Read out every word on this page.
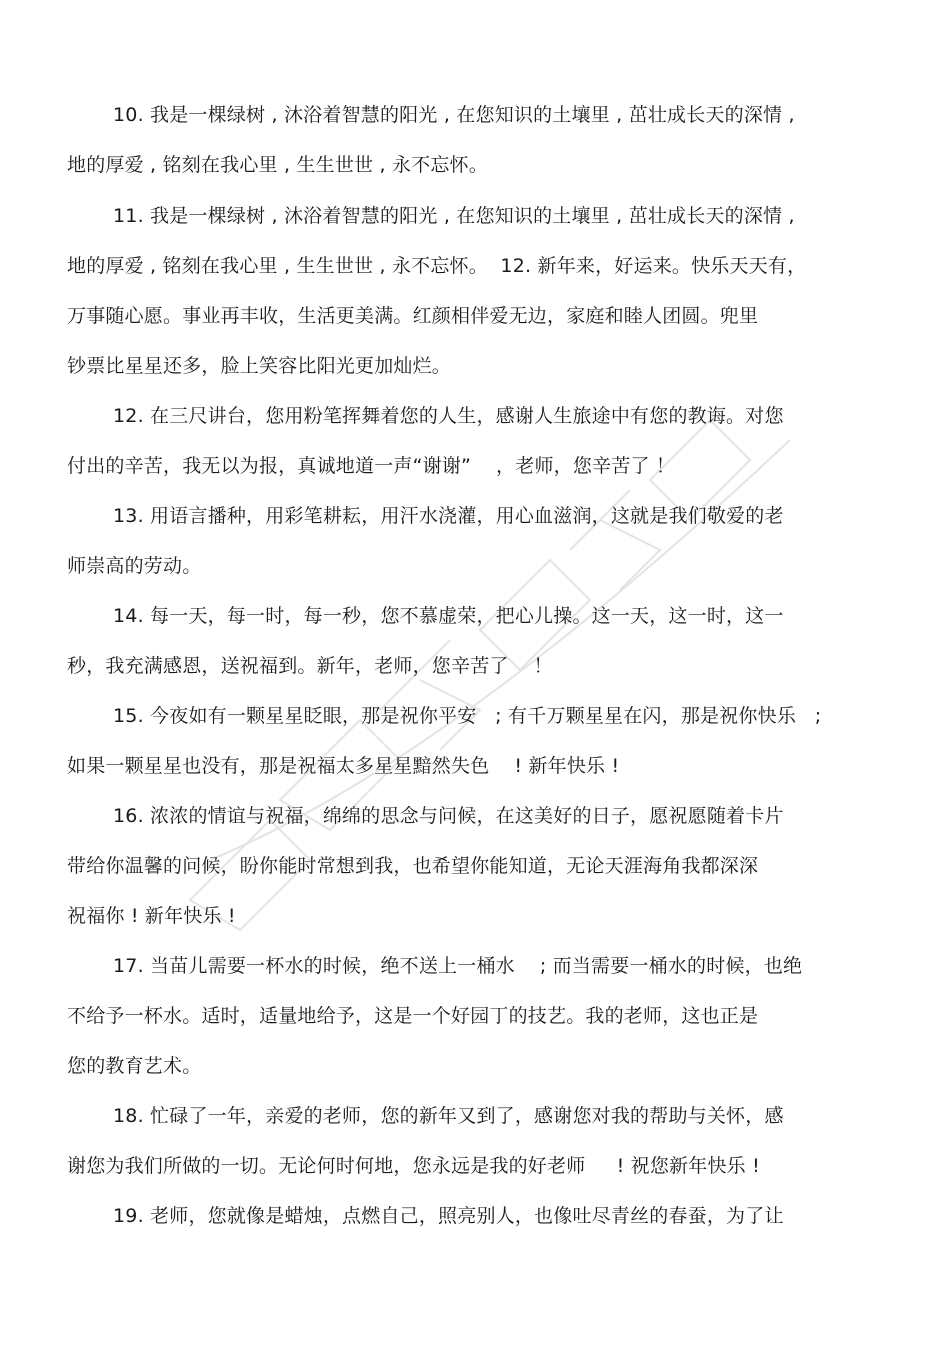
10. 我是一棵绿树 , 沐浴着智慧的阳光 , 在您知识的土壤里 , 茁壮成长天的深情 ,
地的厚爱 , 铭刻在我心里 , 生生世世 , 永不忘怀。
11. 我是一棵绿树 , 沐浴着智慧的阳光 , 在您知识的土壤里 , 茁壮成长天的深情 ,
地的厚爱 , 铭刻在我心里 , 生生世世 , 永不忘怀。  12. 新年来，好运来。快乐天天有，
万事随心愿。事业再丰收，生活更美满。红颜相伴爱无边，家庭和睦人团圆。兜里
钞票比星星还多，脸上笑容比阳光更加灿烂。
12. 在三尺讲台，您用粉笔挥舞着您的人生，感谢人生旅途中有您的教诲。对您
付出的辛苦，我无以为报，真诚地道一声“谢谢”    ，老师，您辛苦了 ！
13. 用语言播种，用彩笔耕耘，用汗水浇灌，用心血滋润，这就是我们敬爱的老
师崇高的劳动。
14. 每一天，每一时，每一秒，您不慕虚荣，把心儿操。这一天，这一时，这一
秒，我充满感恩，送祝福到。新年，老师，您辛苦了    ！
15. 今夜如有一颗星星眨眼，那是祝你平安   ; 有千万颗星星在闪，那是祝你快乐   ;
如果一颗星星也没有，那是祝福太多星星黯然失色    ! 新年快乐 !
16. 浓浓的情谊与祝福，绵绵的思念与问候，在这美好的日子，愿祝愿随着卡片
带给你温馨的问候，盼你能时常想到我，也希望你能知道，无论天涯海角我都深深
祝福你 ! 新年快乐 !
17. 当苗儿需要一杯水的时候，绝不送上一桶水    ; 而当需要一桶水的时候，也绝
不给予一杯水。适时，适量地给予，这是一个好园丁的技艺。我的老师，这也正是
您的教育艺术。
18. 忙碌了一年，亲爱的老师，您的新年又到了，感谢您对我的帮助与关怀，感
谢您为我们所做的一切。无论何时何地，您永远是我的好老师     ! 祝您新年快乐 !
19. 老师，您就像是蜡烛，点燃自己，照亮别人，也像吐尽青丝的春蚕，为了让
